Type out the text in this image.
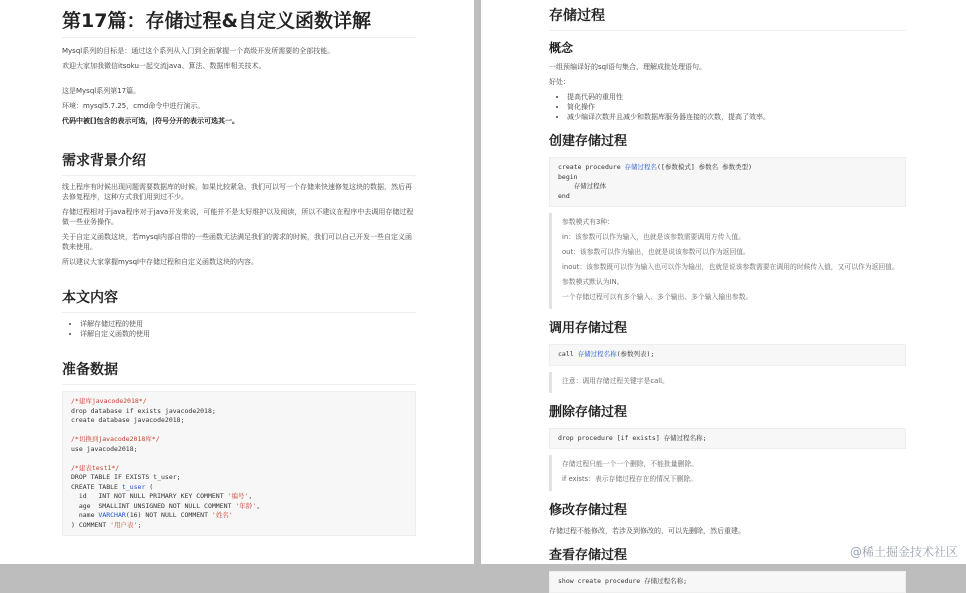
第17篇：存储过程&自定义函数详解

Mysql系列的目标是：通过这个系列从入门到全面掌握一个高级开发所需要的全部技能。

欢迎大家加我微信itsoku一起交流java、算法、数据库相关技术。

这是Mysql系列第17篇。

环境：mysql5.7.25，cmd命令中进行演示。

代码中被[]包含的表示可选，|符号分开的表示可选其一。

需求背景介绍

线上程序有时候出现问题需要数据库的时候，如果比较紧急，我们可以写一个存储来快速修复这块的数据，然后再去修复程序，这种方式我们用到过不少。

存储过程相对于java程序对于java开发来说，可能并不是太好维护以及阅读，所以不建议在程序中去调用存储过程做一些业务操作。

关于自定义函数这块，若mysql内部自带的一些函数无法满足我们的需求的时候，我们可以自己开发一些自定义函数来使用。

所以建议大家掌握mysql中存储过程和自定义函数这块的内容。

本文内容
• 详解存储过程的使用
• 详解自定义函数的使用
准备数据
/*建库javacode2018*/
drop database if exists javacode2018;
create database javacode2018;

/*切换到javacode2018库*/
use javacode2018;

/*建表test1*/
DROP TABLE IF EXISTS t_user;
CREATE TABLE t_user (
id   INT NOT NULL PRIMARY KEY COMMENT '编号',
age  SMALLINT UNSIGNED NOT NULL COMMENT '年龄',
name VARCHAR(16) NOT NULL COMMENT '姓名'
) COMMENT '用户表';
存储过程
概念

一组预编译好的sql语句集合，理解成批处理语句。

好处：

• 提高代码的重用性
• 简化操作
• 减少编译次数并且减少和数据库服务器连接的次数，提高了效率。
创建存储过程
create procedure 存储过程名([参数模式] 参数名 参数类型)
begin
存储过程体
end

参数模式有3种：

in：该参数可以作为输入，也就是该参数需要调用方传入值。

out：该参数可以作为输出，也就是说该参数可以作为返回值。

inout：该参数既可以作为输入也可以作为输出，也就是说该参数需要在调用的时候传入值，又可以作为返回值。

参数模式默认为IN。

一个存储过程可以有多个输入、多个输出、多个输入输出参数。

调用存储过程
call 存储过程名称(参数列表);

注意：调用存储过程关键字是call。

删除存储过程
drop procedure [if exists] 存储过程名称;

存储过程只能一个一个删除，不能批量删除。

if exists：表示存储过程存在的情况下删除。

修改存储过程

存储过程不能修改，若涉及到修改的，可以先删除，然后重建。

查看存储过程
show create procedure 存储过程名称;
@稀土掘金技术社区
